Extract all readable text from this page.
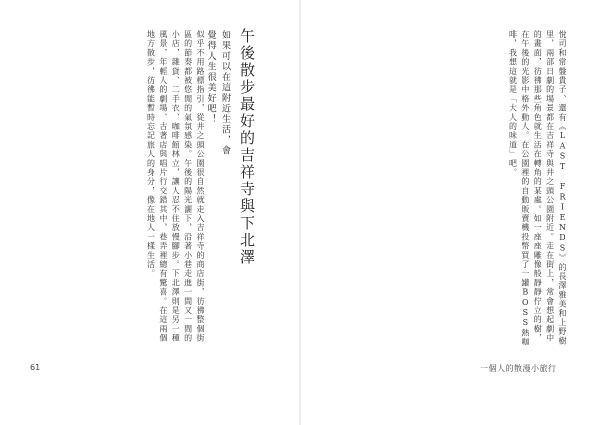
似乎不用路標指引，從井之頭公園很自然就走入吉祥寺的商店街，彷彿整個街區的節奏都被悠閒的氣氛感染。午後的陽光灑下，沿著小巷走進一間又一間的小店，雜貨、二手衣、咖啡館林立，讓人忍不住放慢腳步。下北澤則是另一種風景，年輕人的劇場、古著店與唱片行交錯其中，巷弄裡總有驚喜。在這兩個地方散步，彷彿能暫時忘記旅人的身分，像在地人一樣生活。	如果可以在這附近生活，會覺得人生很美好吧！	午後散步最好的吉祥寺與下北澤	悅司和常盤貴子、還有《LAST FRIENDS》的長澤雅美和上野樹里，兩部日劇的場景都在吉祥寺與井之頭公園附近。走在街上，常會想起劇中的畫面，彷彿那些角色就生活在轉角的某處。如一座座雕像般靜靜佇立的樹，在午後的光影中格外動人。在公園裡的自動販賣機投幣買了一罐BOSS熱咖啡，我想這就是「大人的味道」吧。
61	一個人的散漫小旅行
